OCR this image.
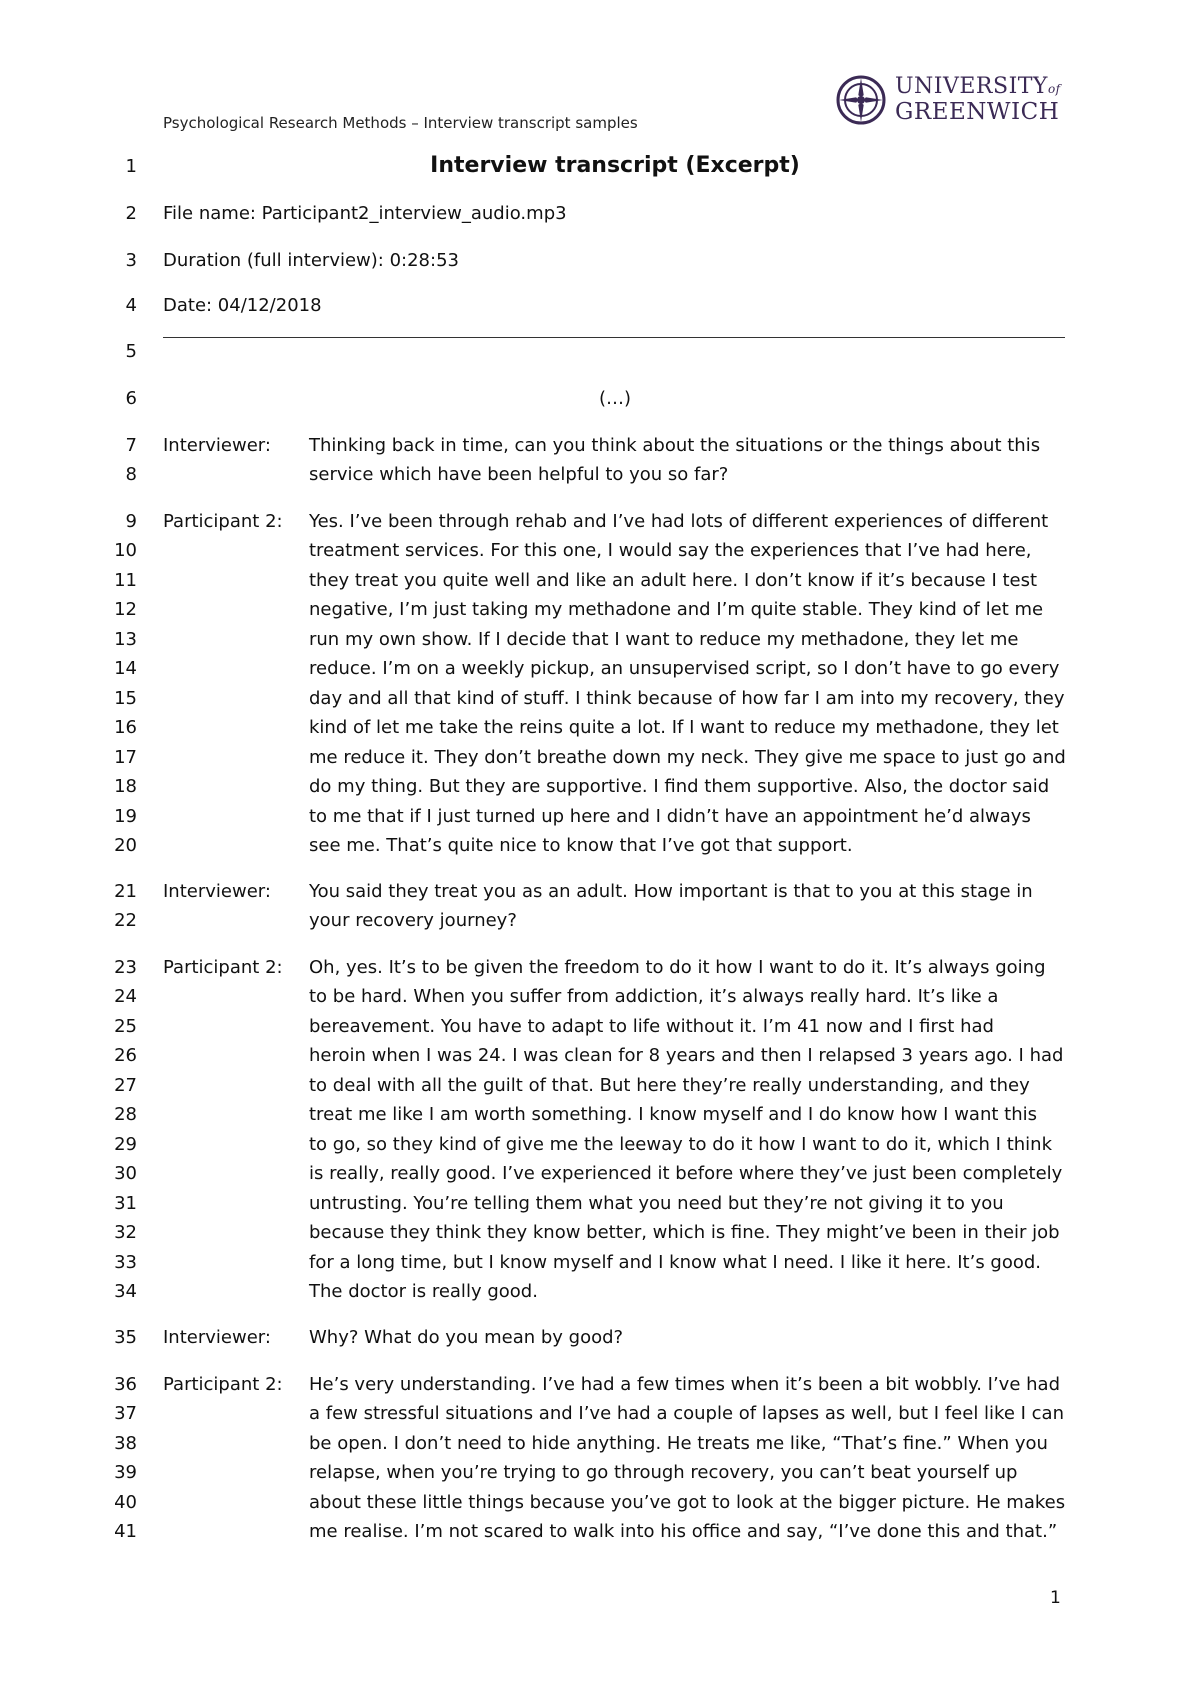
Psychological Research Methods – Interview transcript samples
UNIVERSITYof
GREENWICH
1	Interview transcript (Excerpt)
2 File name: Participant2_interview_audio.mp3
3 Duration (full interview): 0:28:53
4 Date: 04/12/2018
5
6	(…)
7 Interviewer: Thinking back in time, can you think about the situations or the things about this
8	service which have been helpful to you so far?
9 Participant 2: Yes. I’ve been through rehab and I’ve had lots of different experiences of different
10	treatment services. For this one, I would say the experiences that I’ve had here,
11	they treat you quite well and like an adult here. I don’t know if it’s because I test
12	negative, I’m just taking my methadone and I’m quite stable. They kind of let me
13	run my own show. If I decide that I want to reduce my methadone, they let me
14	reduce. I’m on a weekly pickup, an unsupervised script, so I don’t have to go every
15	day and all that kind of stuff. I think because of how far I am into my recovery, they
16	kind of let me take the reins quite a lot. If I want to reduce my methadone, they let
17	me reduce it. They don’t breathe down my neck. They give me space to just go and
18	do my thing. But they are supportive. I find them supportive. Also, the doctor said
19	to me that if I just turned up here and I didn’t have an appointment he’d always
20	see me. That’s quite nice to know that I’ve got that support.
21 Interviewer: You said they treat you as an adult. How important is that to you at this stage in
22	your recovery journey?
23 Participant 2: Oh, yes. It’s to be given the freedom to do it how I want to do it. It’s always going
24	to be hard. When you suffer from addiction, it’s always really hard. It’s like a
25	bereavement. You have to adapt to life without it. I’m 41 now and I first had
26	heroin when I was 24. I was clean for 8 years and then I relapsed 3 years ago. I had
27	to deal with all the guilt of that. But here they’re really understanding, and they
28	treat me like I am worth something. I know myself and I do know how I want this
29	to go, so they kind of give me the leeway to do it how I want to do it, which I think
30	is really, really good. I’ve experienced it before where they’ve just been completely
31	untrusting. You’re telling them what you need but they’re not giving it to you
32	because they think they know better, which is fine. They might’ve been in their job
33	for a long time, but I know myself and I know what I need. I like it here. It’s good.
34	The doctor is really good.
35 Interviewer: Why? What do you mean by good?
36 Participant 2: He’s very understanding. I’ve had a few times when it’s been a bit wobbly. I’ve had
37	a few stressful situations and I’ve had a couple of lapses as well, but I feel like I can
38	be open. I don’t need to hide anything. He treats me like, “That’s fine.” When you
39	relapse, when you’re trying to go through recovery, you can’t beat yourself up
40	about these little things because you’ve got to look at the bigger picture. He makes
41	me realise. I’m not scared to walk into his office and say, “I’ve done this and that.”
1
